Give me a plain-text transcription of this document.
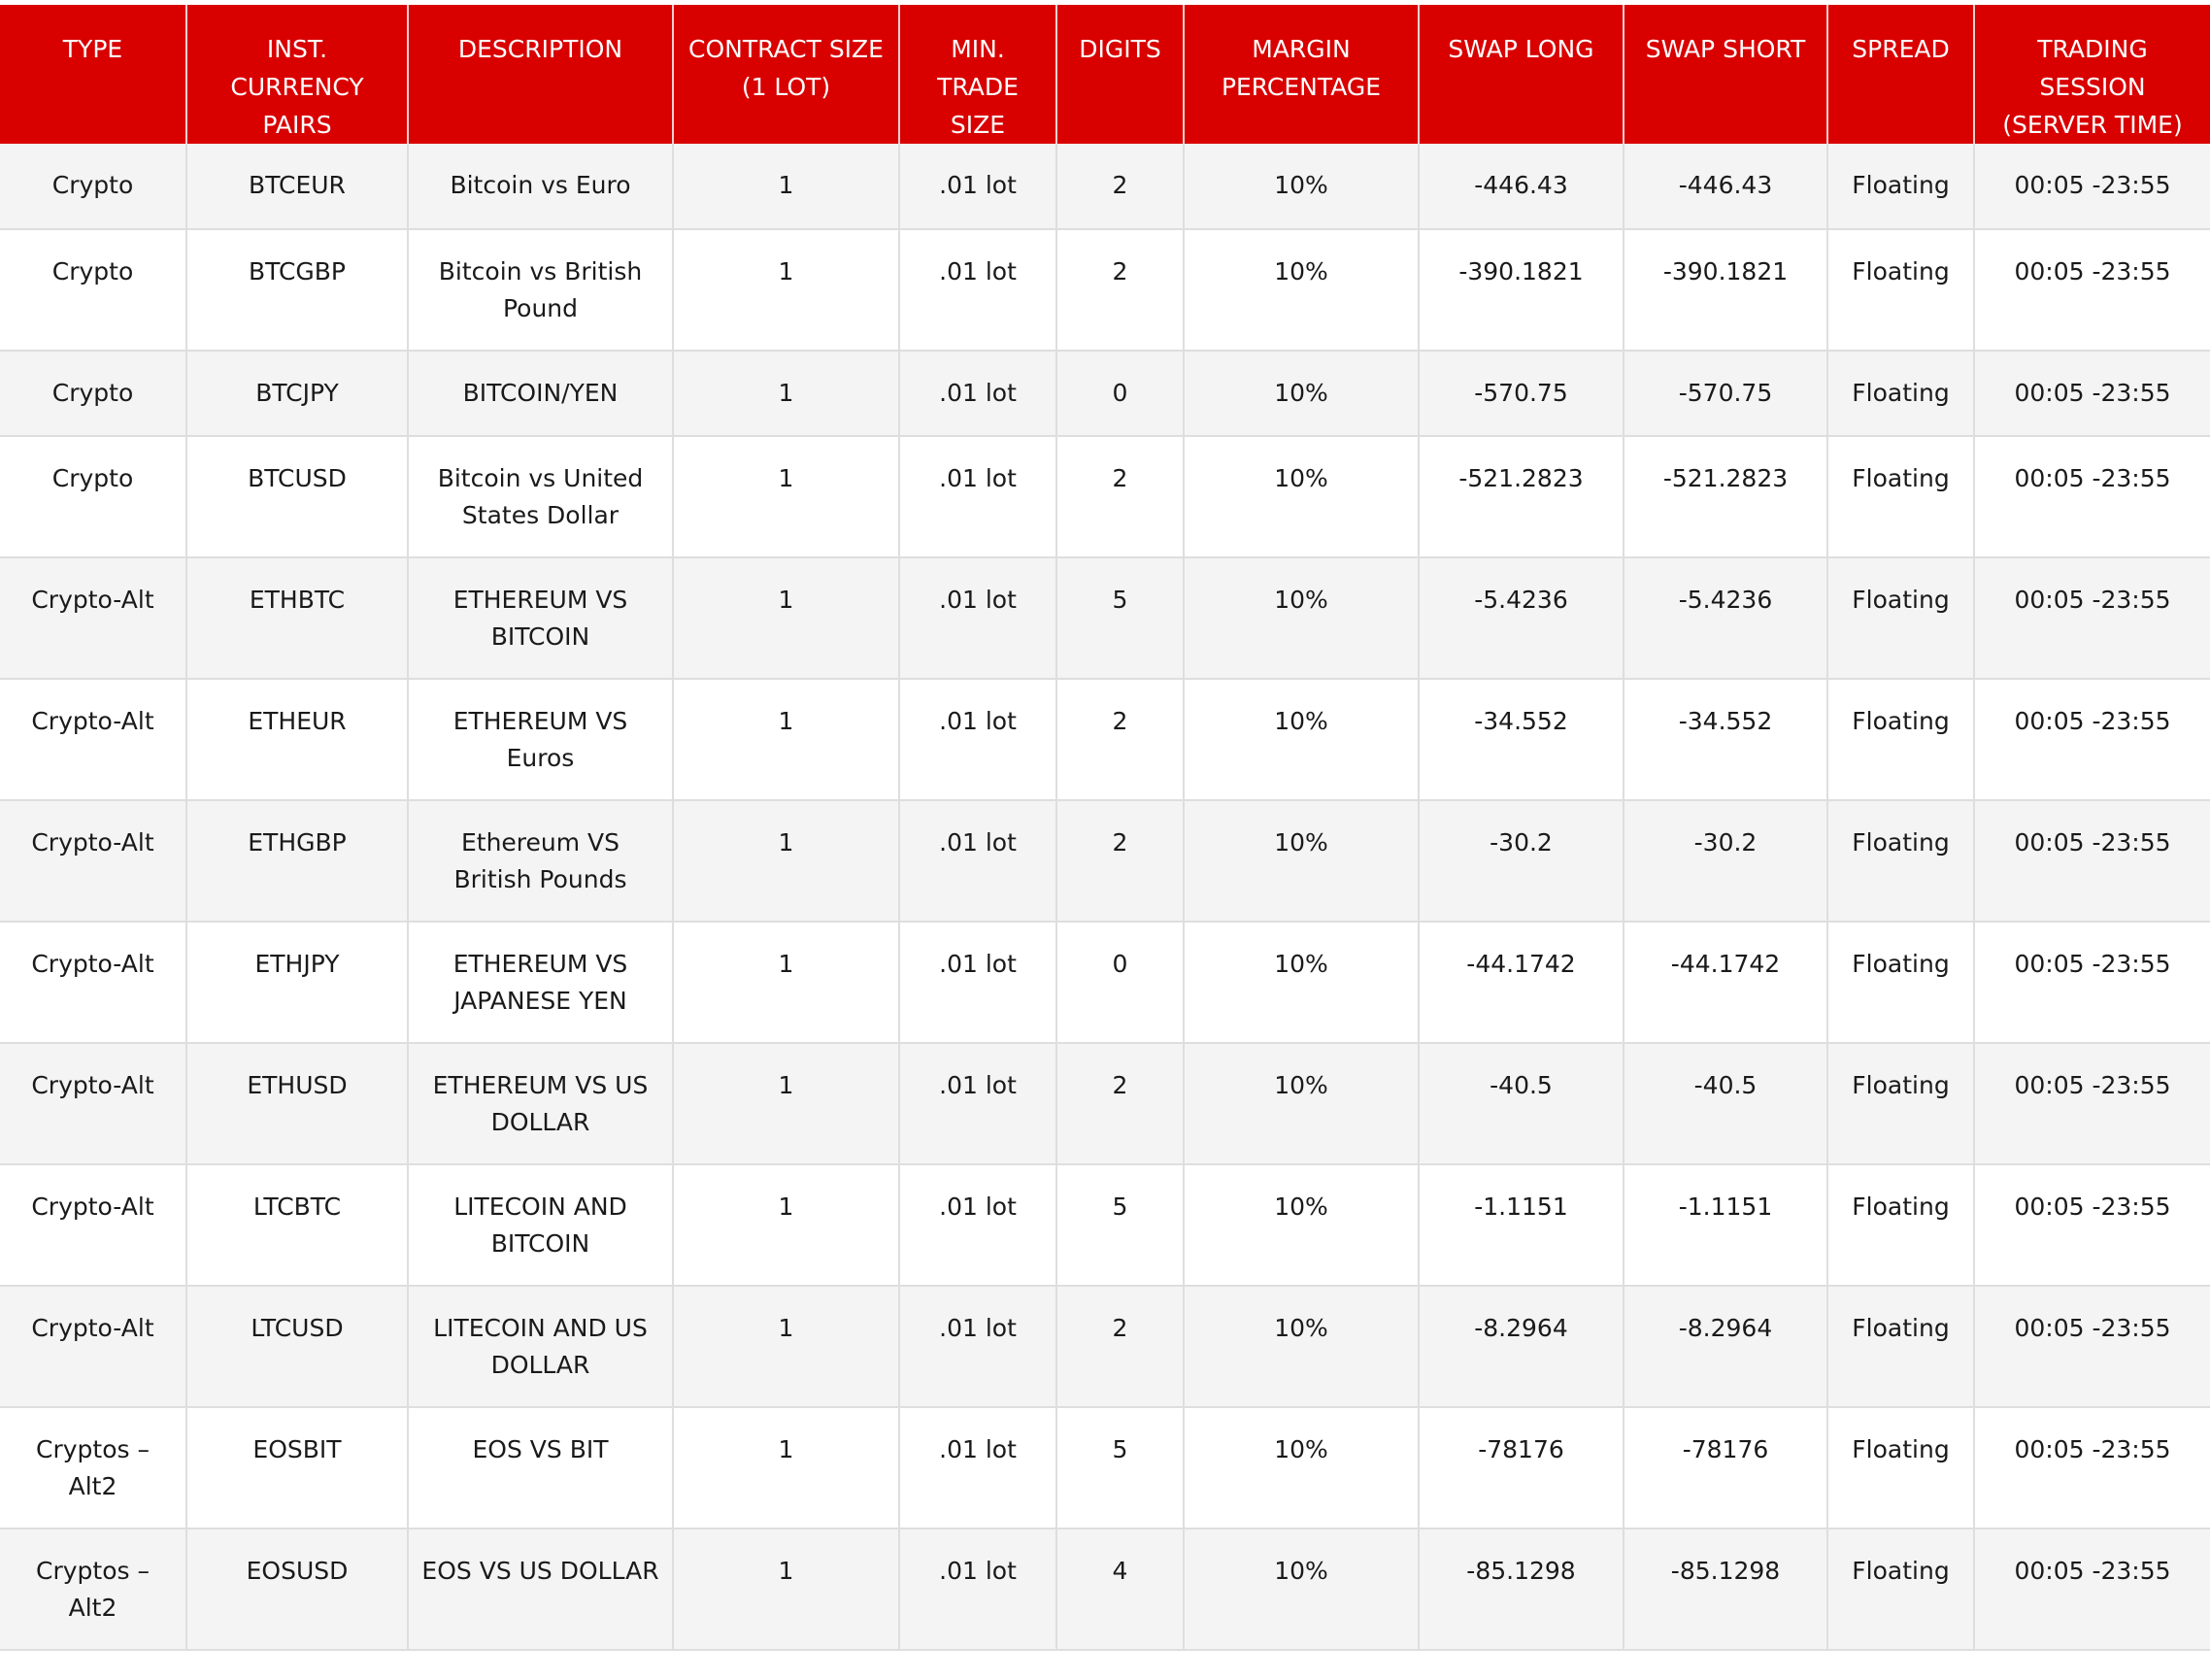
TYPE	INST. CURRENCY PAIRS	DESCRIPTION	CONTRACT SIZE (1 LOT)	MIN. TRADE SIZE	DIGITS	MARGIN PERCENTAGE	SWAP LONG	SWAP SHORT	SPREAD	TRADING SESSION (SERVER TIME)
Crypto	BTCEUR	Bitcoin vs Euro	1	.01 lot	2	10%	-446.43	-446.43	Floating	00:05 -23:55
Crypto	BTCGBP	Bitcoin vs British Pound	1	.01 lot	2	10%	-390.1821	-390.1821	Floating	00:05 -23:55
Crypto	BTCJPY	BITCOIN/YEN	1	.01 lot	0	10%	-570.75	-570.75	Floating	00:05 -23:55
Crypto	BTCUSD	Bitcoin vs United States Dollar	1	.01 lot	2	10%	-521.2823	-521.2823	Floating	00:05 -23:55
Crypto-Alt	ETHBTC	ETHEREUM VS BITCOIN	1	.01 lot	5	10%	-5.4236	-5.4236	Floating	00:05 -23:55
Crypto-Alt	ETHEUR	ETHEREUM VS Euros	1	.01 lot	2	10%	-34.552	-34.552	Floating	00:05 -23:55
Crypto-Alt	ETHGBP	Ethereum VS British Pounds	1	.01 lot	2	10%	-30.2	-30.2	Floating	00:05 -23:55
Crypto-Alt	ETHJPY	ETHEREUM VS JAPANESE YEN	1	.01 lot	0	10%	-44.1742	-44.1742	Floating	00:05 -23:55
Crypto-Alt	ETHUSD	ETHEREUM VS US DOLLAR	1	.01 lot	2	10%	-40.5	-40.5	Floating	00:05 -23:55
Crypto-Alt	LTCBTC	LITECOIN AND BITCOIN	1	.01 lot	5	10%	-1.1151	-1.1151	Floating	00:05 -23:55
Crypto-Alt	LTCUSD	LITECOIN AND US DOLLAR	1	.01 lot	2	10%	-8.2964	-8.2964	Floating	00:05 -23:55
Cryptos – Alt2	EOSBIT	EOS VS BIT	1	.01 lot	5	10%	-78176	-78176	Floating	00:05 -23:55
Cryptos – Alt2	EOSUSD	EOS VS US DOLLAR	1	.01 lot	4	10%	-85.1298	-85.1298	Floating	00:05 -23:55
